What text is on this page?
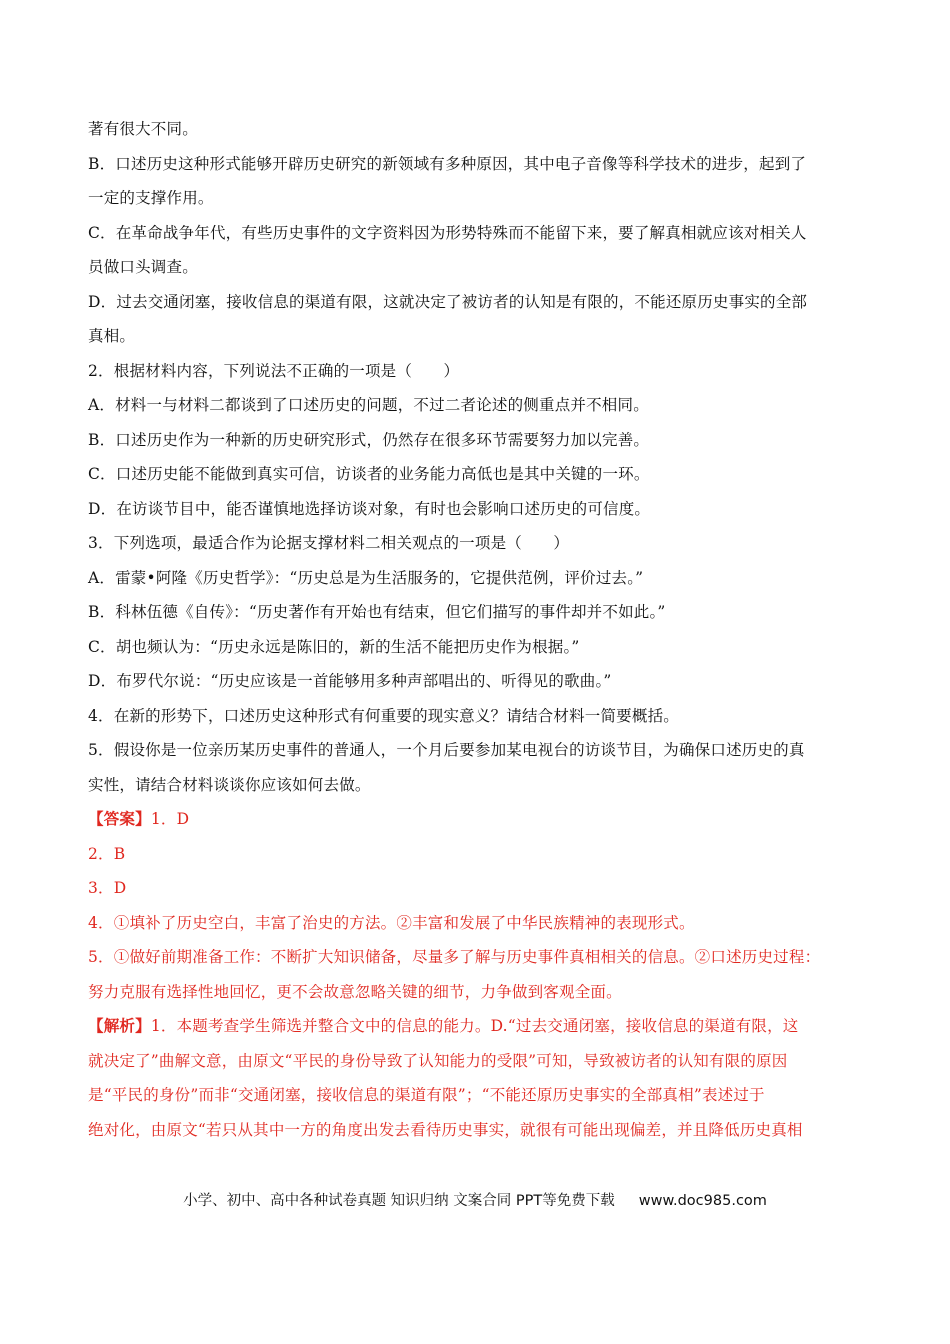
著有很大不同。
B．口述历史这种形式能够开辟历史研究的新领域有多种原因，其中电子音像等科学技术的进步，起到了
一定的支撑作用。
C．在革命战争年代，有些历史事件的文字资料因为形势特殊而不能留下来，要了解真相就应该对相关人
员做口头调查。
D．过去交通闭塞，接收信息的渠道有限，这就决定了被访者的认知是有限的，不能还原历史事实的全部
真相。
2．根据材料内容，下列说法不正确的一项是（　　）
A．材料一与材料二都谈到了口述历史的问题，不过二者论述的侧重点并不相同。
B．口述历史作为一种新的历史研究形式，仍然存在很多环节需要努力加以完善。
C．口述历史能不能做到真实可信，访谈者的业务能力高低也是其中关键的一环。
D．在访谈节目中，能否谨慎地选择访谈对象，有时也会影响口述历史的可信度。
3．下列选项，最适合作为论据支撑材料二相关观点的一项是（　　）
A．雷蒙•阿隆《历史哲学》：“历史总是为生活服务的，它提供范例，评价过去。”
B．科林伍德《自传》：“历史著作有开始也有结束，但它们描写的事件却并不如此。”
C．胡也频认为：“历史永远是陈旧的，新的生活不能把历史作为根据。”
D．布罗代尔说：“历史应该是一首能够用多种声部唱出的、听得见的歌曲。”
4．在新的形势下，口述历史这种形式有何重要的现实意义？请结合材料一简要概括。
5．假设你是一位亲历某历史事件的普通人，一个月后要参加某电视台的访谈节目，为确保口述历史的真
实性，请结合材料谈谈你应该如何去做。
【答案】1．D
2．B
3．D
4．①填补了历史空白，丰富了治史的方法。②丰富和发展了中华民族精神的表现形式。
5．①做好前期准备工作：不断扩大知识储备，尽量多了解与历史事件真相相关的信息。②口述历史过程：
努力克服有选择性地回忆，更不会故意忽略关键的细节，力争做到客观全面。
【解析】1．本题考查学生筛选并整合文中的信息的能力。D.“过去交通闭塞，接收信息的渠道有限，这
就决定了”曲解文意，由原文“平民的身份导致了认知能力的受限”可知，导致被访者的认知有限的原因
是“平民的身份”而非“交通闭塞，接收信息的渠道有限”；“不能还原历史事实的全部真相”表述过于
绝对化，由原文“若只从其中一方的角度出发去看待历史事实，就很有可能出现偏差，并且降低历史真相
小学、初中、高中各种试卷真题 知识归纳 文案合同 PPT等免费下载 www.doc985.com
